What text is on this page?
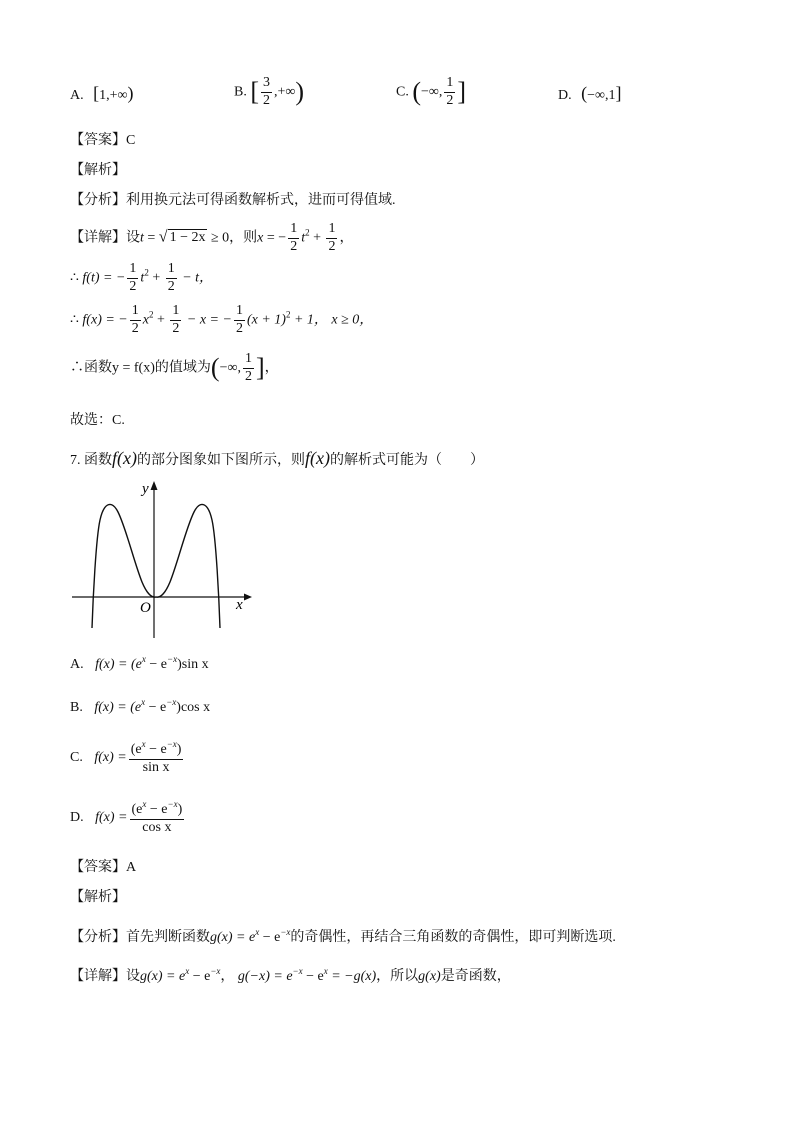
A. [1,+∞)	B. [ $\frac{3}{2}$ ,+∞)	C. (−∞, $\frac{1}{2}$ ]	D. (−∞,1]
【答案】C
【解析】
【分析】利用换元法可得函数解析式，进而可得值域.
【详解】设t = √ 1 − 2x ≥ 0，则x = − $\frac{1}{2} t^2 + \frac{1}{2}$ ，
∴ f(t) = − $\frac{1}{2} t^2 + \frac{1}{2} - t$，
∴ f(x) = − $\frac{1}{2} x^2 + \frac{1}{2} - x$ = − $\frac{1}{2} (x + 1)^2 + 1$， x ≥ 0，
∴函数y = f(x)的值域为(−∞, $\frac{1}{2}$ ]，
故选：C.
7. 函数f(x)的部分图象如下图所示，则f(x)的解析式可能为（　　）
x
y
O
A. $f(x) = (e^x - e^{-x})\sin$ x
B. $f(x) = (e^x - e^{-x})\cos$ x
C. $f(x) = \frac{(e^x - e^{-x})}{\text{sin x}}$
D. $f(x) = \frac{(e^x - e^{-x})}{\text{cos x}}$
【答案】A
【解析】
【分析】首先判断函数$g(x) = e^x - e^{-x}$的奇偶性，再结合三角函数的奇偶性，即可判断选项.
【详解】设$g(x) = e^x - e^{-x}$， $g(-x) = e^{-x} - e^x = -g(x)$，所以g(x)是奇函数，
